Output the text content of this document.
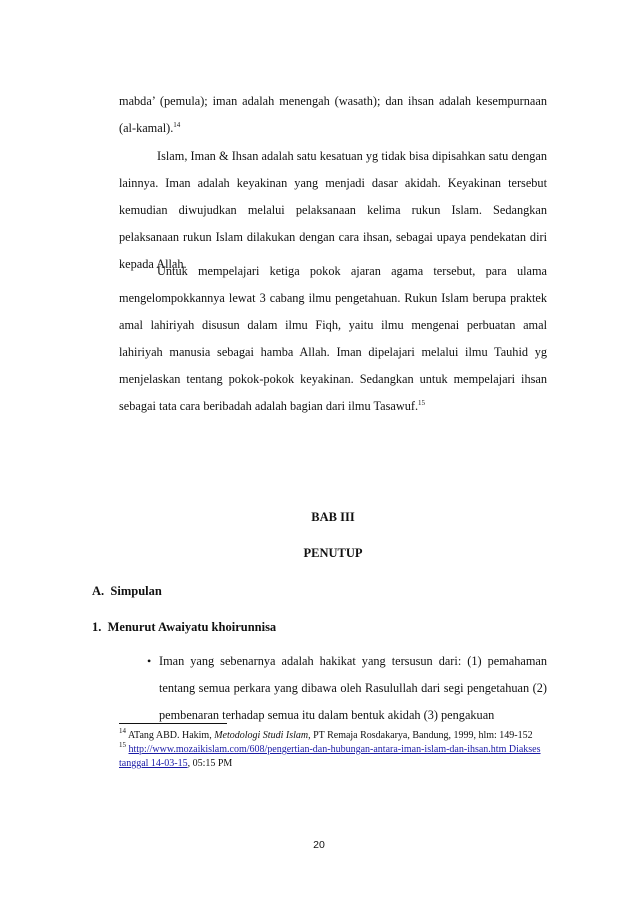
mabda’ (pemula); iman adalah menengah (wasath); dan ihsan adalah kesempurnaan (al-kamal).$^{14}$

Islam, Iman & Ihsan adalah satu kesatuan yg tidak bisa dipisahkan satu dengan lainnya. Iman adalah keyakinan yang menjadi dasar akidah. Keyakinan tersebut kemudian diwujudkan melalui pelaksanaan kelima rukun Islam. Sedangkan pelaksanaan rukun Islam dilakukan dengan cara ihsan, sebagai upaya pendekatan diri kepada Allah.

Untuk mempelajari ketiga pokok ajaran agama tersebut, para ulama mengelompokkannya lewat 3 cabang ilmu pengetahuan. Rukun Islam berupa praktek amal lahiriyah disusun dalam ilmu Fiqh, yaitu ilmu mengenai perbuatan amal lahiriyah manusia sebagai hamba Allah. Iman dipelajari melalui ilmu Tauhid yg menjelaskan tentang pokok-pokok keyakinan. Sedangkan untuk mempelajari ihsan sebagai tata cara beribadah adalah bagian dari ilmu Tasawuf.$^{15}$

BAB III

PENUTUP

A.  Simpulan

1.  Menurut Awaiyatu khoirunnisa

• Iman yang sebenarnya adalah hakikat yang tersusun dari: (1) pemahaman tentang semua perkara yang dibawa oleh Rasulullah dari segi pengetahuan (2) pembenaran terhadap semua itu dalam bentuk akidah (3) pengakuan

$^{14}$ ATang ABD. Hakim, Metodologi Studi Islam, PT Remaja Rosdakarya, Bandung, 1999, hlm: 149-152

$^{15}$ http://www.mozaikislam.com/608/pengertian-dan-hubungan-antara-iman-islam-dan-ihsan.htm Diakses tanggal 14-03-15, 05:15 PM

20
